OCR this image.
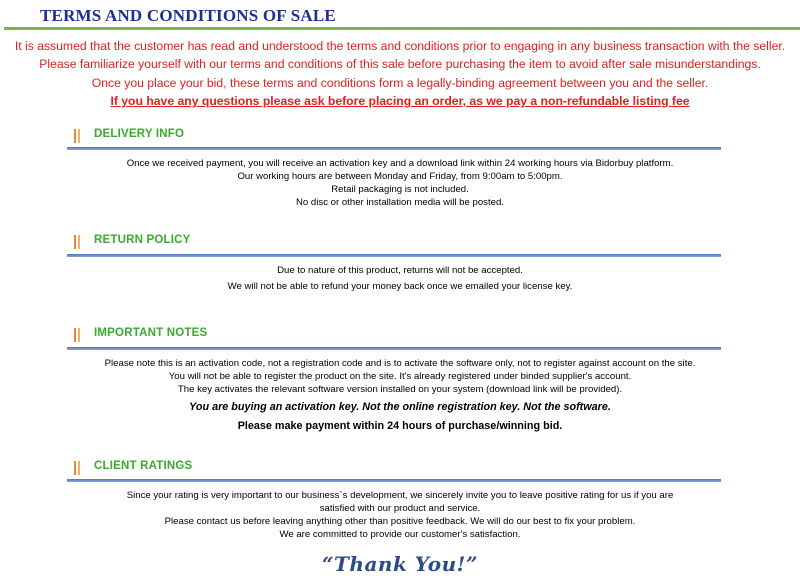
TERMS AND CONDITIONS OF SALE
It is assumed that the customer has read and understood the terms and conditions prior to engaging in any business transaction with the seller.
Please familiarize yourself with our terms and conditions of this sale before purchasing the item to avoid after sale misunderstandings.
Once you place your bid, these terms and conditions form a legally-binding agreement between you and the seller.
If you have any questions please ask before placing an order, as we pay a non-refundable listing fee
DELIVERY INFO
Once we received payment, you will receive an activation key and a download link within 24 working hours via Bidorbuy platform.
Our working hours are between Monday and Friday, from 9:00am to 5:00pm.
Retail packaging is not included.
No disc or other installation media will be posted.
RETURN POLICY
Due to nature of this product, returns will not be accepted.
We will not be able to refund your money back once we emailed your license key.
IMPORTANT NOTES
Please note this is an activation code, not a registration code and is to activate the software only, not to register against account on the site.
You will not be able to register the product on the site. It's already registered under binded supplier's account.
The key activates the relevant software version installed on your system (download link will be provided).
You are buying an activation key. Not the online registration key. Not the software.
Please make payment within 24 hours of purchase/winning bid.
CLIENT RATINGS
Since your rating is very important to our business`s development, we sincerely invite you to leave positive rating for us if you are
satisfied with our product and service.
Please contact us before leaving anything other than positive feedback. We will do our best to fix your problem.
We are committed to provide our customer's satisfaction.
“Thank You!”
